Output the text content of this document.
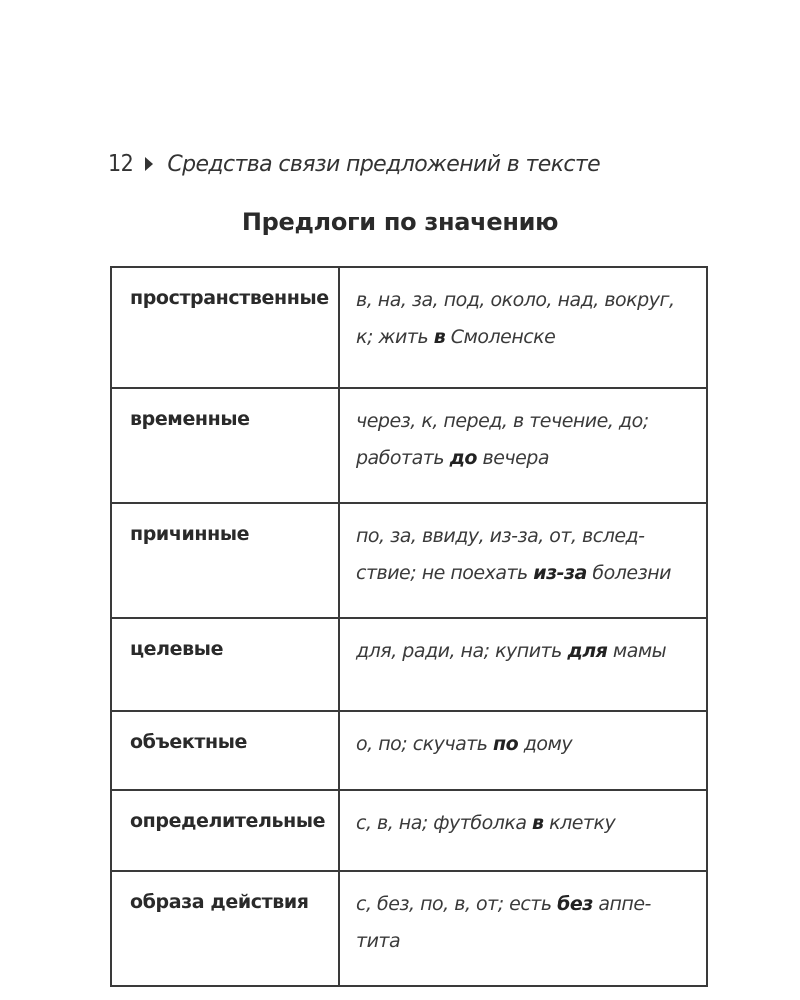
12 Средства связи предложений в тексте
Предлоги по значению
пространственные	в, на, за, под, около, над, вокруг, к; жить в Смоленске
временные	через, к, перед, в течение, до; работать до вечера
причинные	по, за, ввиду, из-за, от, вслед-ствие; не поехать из-за болезни
целевые	для, ради, на; купить для мамы
объектные	о, по; скучать по дому
определительные	с, в, на; футболка в клетку
образа действия	с, без, по, в, от; есть без аппе-тита
